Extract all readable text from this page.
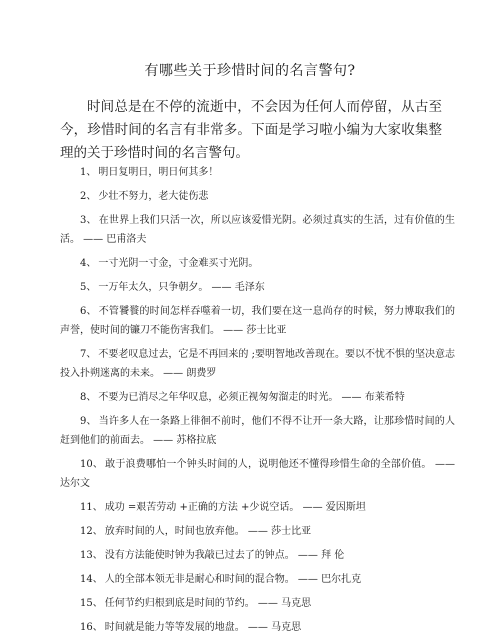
有哪些关于珍惜时间的名言警句?
时间总是在不停的流逝中，不会因为任何人而停留，从古至今，珍惜时间的名言有非常多。下面是学习啦小编为大家收集整理的关于珍惜时间的名言警句。
1、 明日复明日，明日何其多！
2、 少壮不努力，老大徒伤悲
3、 在世界上我们只活一次，所以应该爱惜光阴。必须过真实的生活，过有价值的生活。 —— 巴甫洛夫
4、 一寸光阴一寸金，寸金难买寸光阴。
5、 一万年太久，只争朝夕。 —— 毛泽东
6、 不管饕餮的时间怎样吞噬着一切，我们要在这一息尚存的时候，努力博取我们的声誉，使时间的镰刀不能伤害我们。 —— 莎士比亚
7、 不要老叹息过去，它是不再回来的 ;要明智地改善现在。要以不忧不惧的坚决意志投入扑朔迷离的未来。 —— 朗费罗
8、 不要为已消尽之年华叹息，必须正视匆匆溜走的时光。 —— 布莱希特
9、 当许多人在一条路上徘徊不前时，他们不得不让开一条大路，让那珍惜时间的人赶到他们的前面去。 —— 苏格拉底
10、 敢于浪费哪怕一个钟头时间的人，说明他还不懂得珍惜生命的全部价值。 —— 达尔文
11、 成功 =艰苦劳动 +正确的方法 +少说空话。 —— 爱因斯坦
12、 放弃时间的人，时间也放弃他。 —— 莎士比亚
13、 没有方法能使时钟为我敲已过去了的钟点。 —— 拜 伦
14、 人的全部本领无非是耐心和时间的混合物。 —— 巴尔扎克
15、 任何节约归根到底是时间的节约。 —— 马克思
16、 时间就是能力等等发展的地盘。 —— 马克思
